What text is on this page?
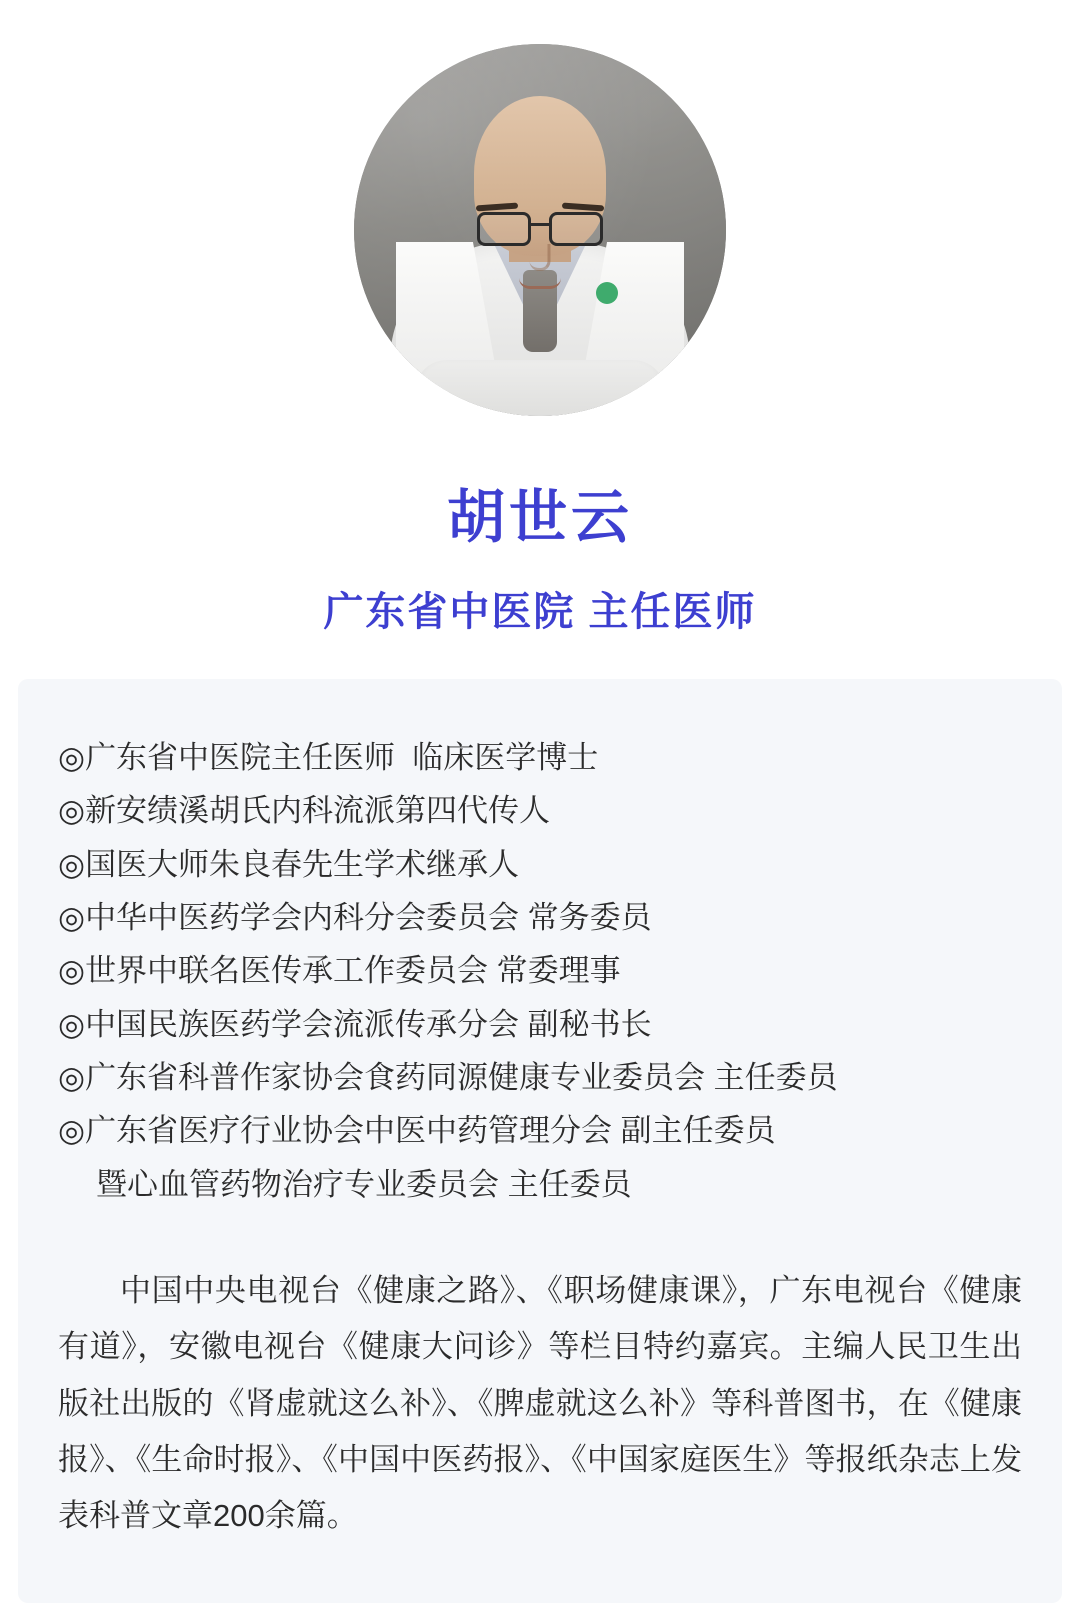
胡世云
广东省中医院 主任医师
◎广东省中医院主任医师  临床医学博士
◎新安绩溪胡氏内科流派第四代传人
◎国医大师朱良春先生学术继承人
◎中华中医药学会内科分会委员会 常务委员
◎世界中联名医传承工作委员会 常委理事
◎中国民族医药学会流派传承分会 副秘书长
◎广东省科普作家协会食药同源健康专业委员会 主任委员
◎广东省医疗行业协会中医中药管理分会 副主任委员
暨心血管药物治疗专业委员会 主任委员

中国中央电视台《健康之路》、《职场健康课》，广东电视台《健康有道》，安徽电视台《健康大问诊》等栏目特约嘉宾。主编人民卫生出版社出版的《肾虚就这么补》、《脾虚就这么补》等科普图书，在《健康报》、《生命时报》、《中国中医药报》、《中国家庭医生》等报纸杂志上发表科普文章200余篇。
